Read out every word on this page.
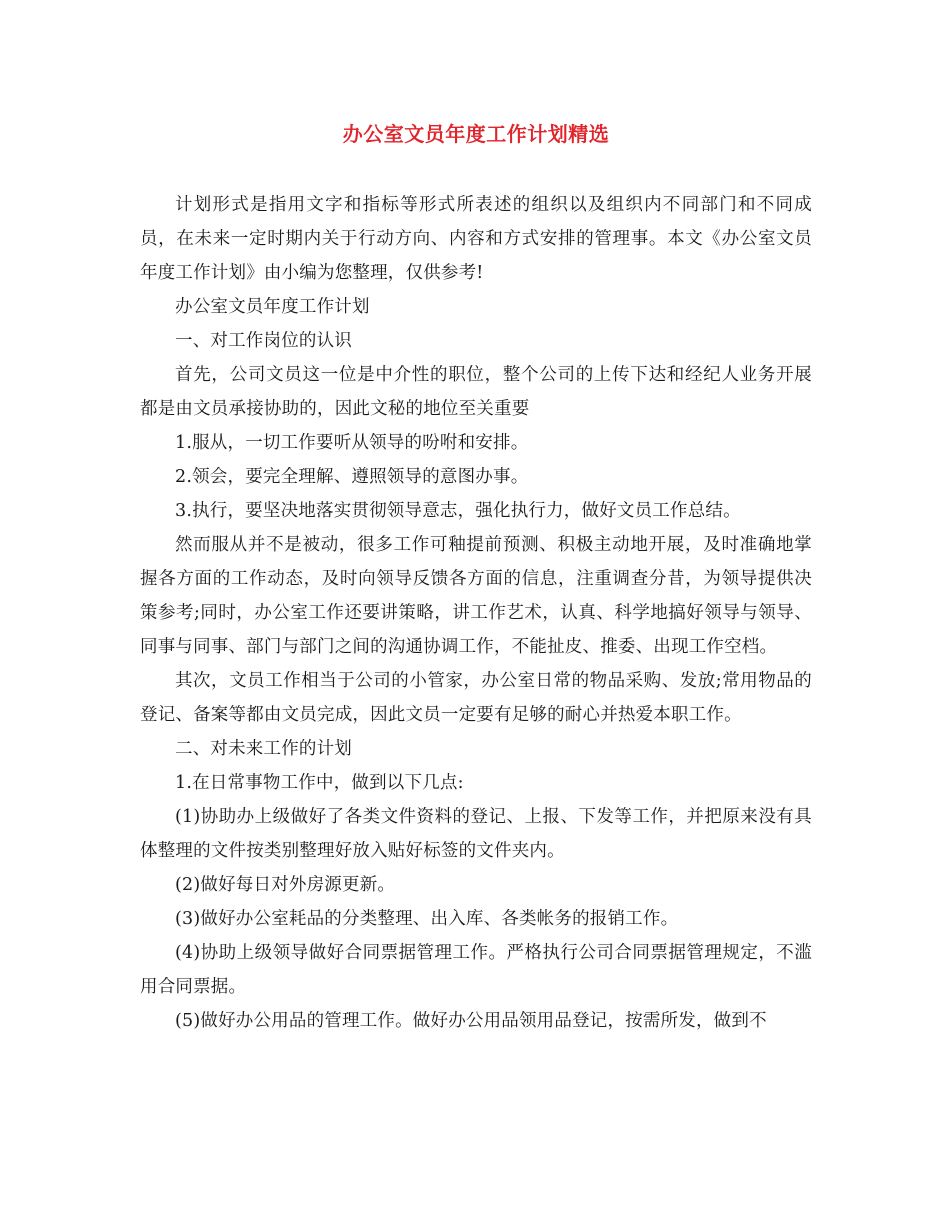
办公室文员年度工作计划精选

计划形式是指用文字和指标等形式所表述的组织以及组织内不同部门和不同成员，在未来一定时期内关于行动方向、内容和方式安排的管理事。本文《办公室文员年度工作计划》由小编为您整理，仅供参考!

办公室文员年度工作计划

一、对工作岗位的认识

首先，公司文员这一位是中介性的职位，整个公司的上传下达和经纪人业务开展都是由文员承接协助的，因此文秘的地位至关重要

1.服从，一切工作要听从领导的吩咐和安排。

2.领会，要完全理解、遵照领导的意图办事。

3.执行，要坚决地落实贯彻领导意志，强化执行力，做好文员工作总结。

然而服从并不是被动，很多工作可釉提前预测、积极主动地开展，及时准确地掌握各方面的工作动态，及时向领导反馈各方面的信息，注重调查分昔，为领导提供决策参考;同时，办公室工作还要讲策略，讲工作艺术，认真、科学地搞好领导与领导、同事与同事、部门与部门之间的沟通协调工作，不能扯皮、推委、出现工作空档。

其次，文员工作相当于公司的小管家，办公室日常的物品采购、发放;常用物品的登记、备案等都由文员完成，因此文员一定要有足够的耐心并热爱本职工作。

二、对未来工作的计划

1.在日常事物工作中，做到以下几点:

(1)协助办上级做好了各类文件资料的登记、上报、下发等工作，并把原来没有具体整理的文件按类别整理好放入贴好标签的文件夹内。

(2)做好每日对外房源更新。

(3)做好办公室耗品的分类整理、出入库、各类帐务的报销工作。

(4)协助上级领导做好合同票据管理工作。严格执行公司合同票据管理规定，不滥用合同票据。

(5)做好办公用品的管理工作。做好办公用品领用品登记，按需所发，做到不
